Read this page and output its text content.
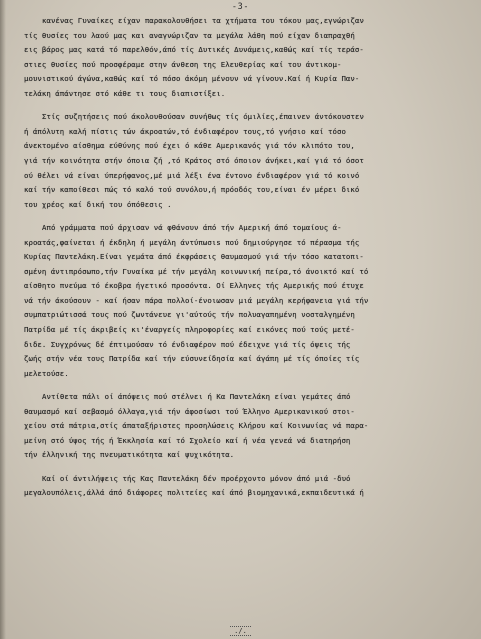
-3-
κανένας Γυναίκες είχαν παρακολουθήσει τα χτήματα του τόκου μας,εγνώριζαν
τίς θυσίες του λαού μας και αναγνώριζαν τα μεγάλα λάθη πού είχαν διαπραχθή
εις βάρος μας κατά τό παρελθόν,άπό τίς Δυτικές Δυνάμεις,καθώς καί τίς τεράσ-
στιες θυσίες πού προσφέραμε στην άνθεση της Ελευθερίας καί του άντικομ-
μουνιστικού άγώνα,καθώς καί τό πόσο άκόμη μένουν νά γίνουν.Καί ή Κυρία Παν-
τελάκη άπάντησε στό κάθε τι τους διαπιστίξει.
Στίς συζητήσεις πού άκολουθούσαν συνήθως τίς όμιλίες,έπαινεν άντόκουστεν
ή άπόλυτη καλή πίστις τών άκροατών,τό ένδιαφέρον τους,τό γνήσιο καί τόσο
άνεκτομένο αίσθημα εύθύνης πού έχει ό κάθε Αμερικανός γιά τόν κλιπότο του,
γιά τήν κοινότητα στήν όποια ζή ,τό Κράτος στό όποιον άνήκει,καί γιά τό όσοτ
ού θέλει νά είναι ύπερήφανος,μέ μιά λέξι ένα έντονο ένδιαφέρον γιά τό κοινό
καί τήν καποίθεσι πώς τό καλό τού συνόλου,ή πρόοδός του,είναι έν μέρει δικό
του χρέος καί δική του όπόθεσις .
Από γράμματα πού άρχισαν νά φθάνουν άπό τήν Αμερική άπό τομαίους ά-
κροατάς,φαίνεται ή έκδηλη ή μεγάλη άντύπωσιs πού δημιούργησε τό πέρασμα τής
Κυρίας Παντελάκη.Είναι γεμάτα άπό έκφράσεις θαυμασμού γιά τήν τόσο κατατοπι-
σμένη άντιπρόσωπο,τήν Γυναίκα μέ τήν μεγάλη κοινωνική πείρα,τό άνοικτό καί τό
αίσθητο πνεύμα τό έκοβρα ήγετικό προσόντα. Οί Ελληνες τής Αμερικής πού έτυχε
νά τήν άκούσουν - καί ήσαν πάρα πολλοί-ένοιωσαν μιά μεγάλη κερήφανεια γιά τήν
συμπατριώτισσά τους πού ζωντάνευε γι'αύτούς τήν πολυαγαπημένη νοσταλγημένη
Πατρίδα μέ τίς άκριβείς κι'έναργείς πληροφορίες καί εικόνες πού τούς μετέ-
διδε. Συγχρόνως δέ έπτιμούσαν τό ένδιαφέρον πού έδειχνε γιά τίς όψεις τής
ζωής στήν νέα τους Πατρίδα καί τήν εύσυνείδησία καί άγάπη μέ τίς όποίες τίς
μελετούσε.
Αντίθετα πάλι οί άπόψεις πού στέλνει ή Κα Παντελάκη είναι γεμάτες άπό
θαυμασμό καί σεβασμό όλλαγα,γιά τήν άφοσίωσι τού Έλληνο Αμερικανικού στοι-
χείου στά πάτρια,στίς άπαταξήριστες προσηλώσεις Κλήρου καί Κοινωνίας νά παρα-
μείνη στό ύψος τής ή Έκκλησία καί τό Σχολείο καί ή νέα γενεά νά διατηρήση
τήν έλληνική της πνευματικότητα καί ψυχικότητα.
Καί οί άντιλήψεις τής Κας Παντελάκη δέν προέρχοντο μόνον άπό μιά -δυό
μεγαλουπόλεις,άλλά άπό διάφορες πολιτείες καί άπό βιομηχανικά,εκπαιδευτικά ή
./.
